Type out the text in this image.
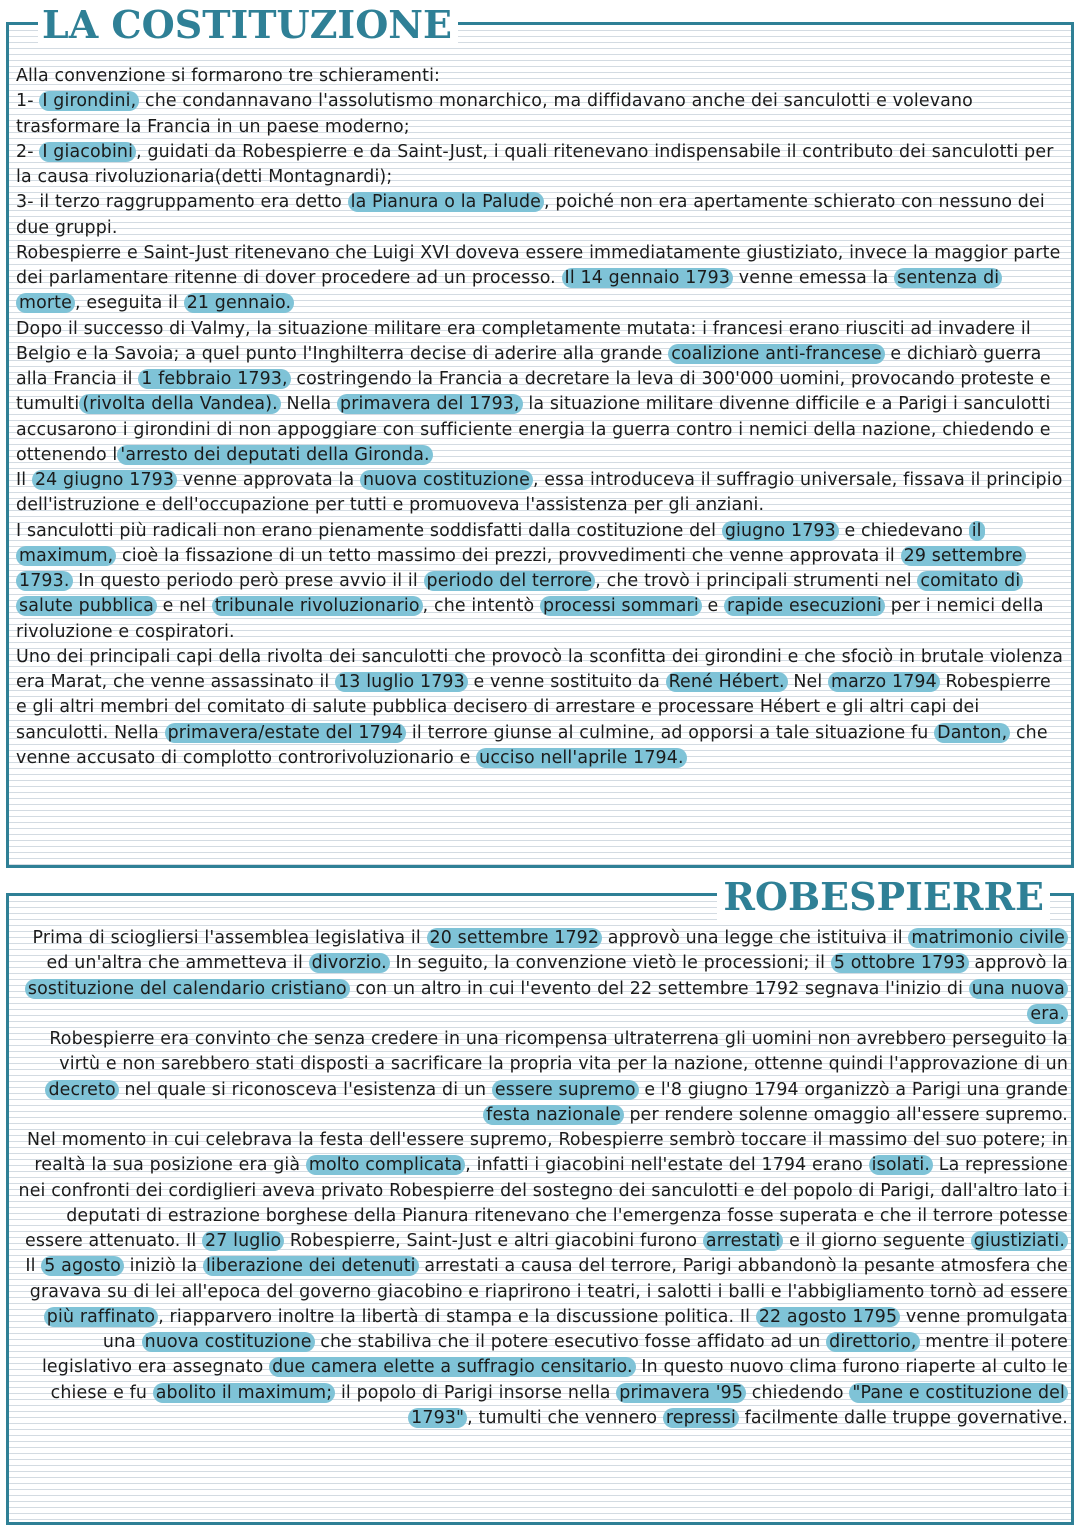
LA COSTITUZIONE

Alla convenzione si formarono tre schieramenti:

1- I girondini, che condannavano l'assolutismo monarchico, ma diffidavano anche dei sanculotti e volevano trasformare la Francia in un paese moderno;

2- I giacobini , guidati da Robespierre e da Saint-Just, i quali ritenevano indispensabile il contributo dei sanculotti per la causa rivoluzionaria(detti Montagnardi);

3- il terzo raggruppamento era detto la Pianura o la Palude , poiché non era apertamente schierato con nessuno dei due gruppi.

Robespierre e Saint-Just ritenevano che Luigi XVI doveva essere immediatamente giustiziato, invece la maggior parte dei parlamentare ritenne di dover procedere ad un processo. Il 14 gennaio 1793 venne emessa la sentenza di morte , eseguita il 21 gennaio.

Dopo il successo di Valmy, la situazione militare era completamente mutata: i francesi erano riusciti ad invadere il Belgio e la Savoia; a quel punto l'Inghilterra decise di aderire alla grande coalizione anti-francese e dichiarò guerra alla Francia il 1 febbraio 1793, costringendo la Francia a decretare la leva di 300'000 uomini, provocando proteste e tumulti (rivolta della Vandea). Nella primavera del 1793, la situazione militare divenne difficile e a Parigi i sanculotti accusarono i girondini di non appoggiare con sufficiente energia la guerra contro i nemici della nazione, chiedendo e ottenendo l 'arresto dei deputati della Gironda.

Il 24 giugno 1793 venne approvata la nuova costituzione , essa introduceva il suffragio universale, fissava il principio dell'istruzione e dell'occupazione per tutti e promuoveva l'assistenza per gli anziani.

I sanculotti più radicali non erano pienamente soddisfatti dalla costituzione del giugno 1793 e chiedevano il maximum, cioè la fissazione di un tetto massimo dei prezzi, provvedimenti che venne approvata il 29 settembre 1793. In questo periodo però prese avvio il il periodo del terrore , che trovò i principali strumenti nel comitato di salute pubblica e nel tribunale rivoluzionario , che intentò processi sommari e rapide esecuzioni per i nemici della rivoluzione e cospiratori.

Uno dei principali capi della rivolta dei sanculotti che provocò la sconfitta dei girondini e che sfociò in brutale violenza era Marat, che venne assassinato il 13 luglio 1793 e venne sostituito da René Hébert. Nel marzo 1794 Robespierre e gli altri membri del comitato di salute pubblica decisero di arrestare e processare Hébert e gli altri capi dei sanculotti. Nella primavera/estate del 1794 il terrore giunse al culmine, ad opporsi a tale situazione fu Danton, che venne accusato di complotto controrivoluzionario e ucciso nell'aprile 1794.

ROBESPIERRE

Prima di sciogliersi l'assemblea legislativa il 20 settembre 1792 approvò una legge che istituiva il matrimonio civile ed un'altra che ammetteva il divorzio. In seguito, la convenzione vietò le processioni; il 5 ottobre 1793 approvò la sostituzione del calendario cristiano con un altro in cui l'evento del 22 settembre 1792 segnava l'inizio di una nuova era.

Robespierre era convinto che senza credere in una ricompensa ultraterrena gli uomini non avrebbero perseguito la virtù e non sarebbero stati disposti a sacrificare la propria vita per la nazione, ottenne quindi l'approvazione di un decreto nel quale si riconosceva l'esistenza di un essere supremo e l'8 giugno 1794 organizzò a Parigi una grande festa nazionale per rendere solenne omaggio all'essere supremo.

Nel momento in cui celebrava la festa dell'essere supremo, Robespierre sembrò toccare il massimo del suo potere; in realtà la sua posizione era già molto complicata , infatti i giacobini nell'estate del 1794 erano isolati. La repressione nei confronti dei cordiglieri aveva privato Robespierre del sostegno dei sanculotti e del popolo di Parigi, dall'altro lato i deputati di estrazione borghese della Pianura ritenevano che l'emergenza fosse superata e che il terrore potesse essere attenuato. Il 27 luglio Robespierre, Saint-Just e altri giacobini furono arrestati e il giorno seguente giustiziati. Il 5 agosto iniziò la liberazione dei detenuti arrestati a causa del terrore, Parigi abbandonò la pesante atmosfera che gravava su di lei all'epoca del governo giacobino e riaprirono i teatri, i salotti i balli e l'abbigliamento tornò ad essere più raffinato , riapparvero inoltre la libertà di stampa e la discussione politica. Il 22 agosto 1795 venne promulgata una nuova costituzione che stabiliva che il potere esecutivo fosse affidato ad un direttorio, mentre il potere legislativo era assegnato due camera elette a suffragio censitario. In questo nuovo clima furono riaperte al culto le chiese e fu abolito il maximum; il popolo di Parigi insorse nella primavera '95 chiedendo "Pane e costituzione del 1793" , tumulti che vennero repressi facilmente dalle truppe governative.
